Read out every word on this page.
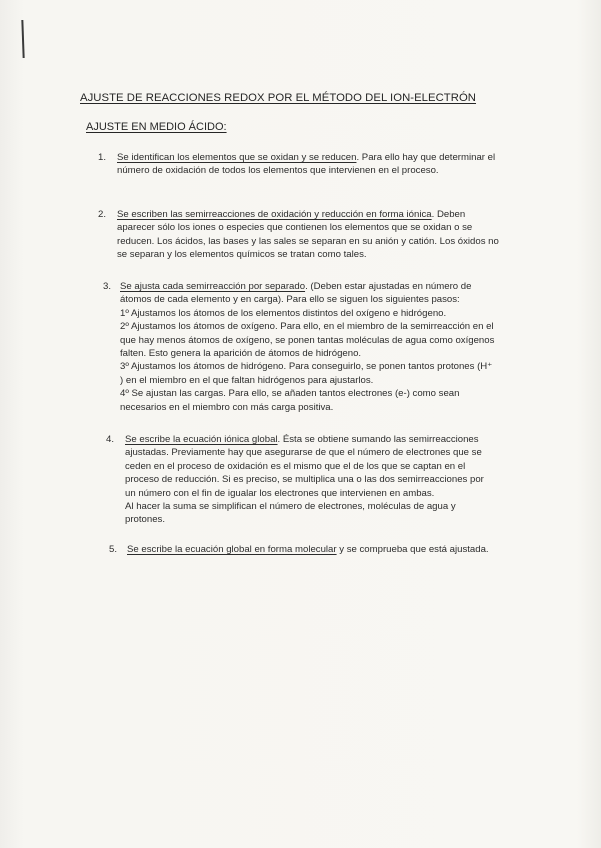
AJUSTE DE REACCIONES REDOX POR EL MÉTODO DEL ION-ELECTRÓN
AJUSTE EN MEDIO ÁCIDO:
1. Se identifican los elementos que se oxidan y se reducen. Para ello hay que determinar el número de oxidación de todos los elementos que intervienen en el proceso.

2. Se escriben las semirreacciones de oxidación y reducción en forma iónica. Deben aparecer sólo los iones o especies que contienen los elementos que se oxidan o se reducen. Los ácidos, las bases y las sales se separan en su anión y catión. Los óxidos no se separan y los elementos químicos se tratan como tales.

3. Se ajusta cada semirreacción por separado. (Deben estar ajustadas en número de átomos de cada elemento y en carga). Para ello se siguen los siguientes pasos:

1º Ajustamos los átomos de los elementos distintos del oxígeno e hidrógeno.

2º Ajustamos los átomos de oxígeno. Para ello, en el miembro de la semirreacción en el que hay menos átomos de oxígeno, se ponen tantas moléculas de agua como oxígenos falten. Esto genera la aparición de átomos de hidrógeno.

3º Ajustamos los átomos de hidrógeno. Para conseguirlo, se ponen tantos protones (H⁺ ) en el miembro en el que faltan hidrógenos para ajustarlos.

4º Se ajustan las cargas. Para ello, se añaden tantos electrones (e-) como sean necesarios en el miembro con más carga positiva.

4. Se escribe la ecuación iónica global. Ésta se obtiene sumando las semirreacciones ajustadas. Previamente hay que asegurarse de que el número de electrones que se ceden en el proceso de oxidación es el mismo que el de los que se captan en el proceso de reducción. Si es preciso, se multiplica una o las dos semirreacciones por un número con el fin de igualar los electrones que intervienen en ambas.

Al hacer la suma se simplifican el número de electrones, moléculas de agua y protones.

5. Se escribe la ecuación global en forma molecular y se comprueba que está ajustada.
